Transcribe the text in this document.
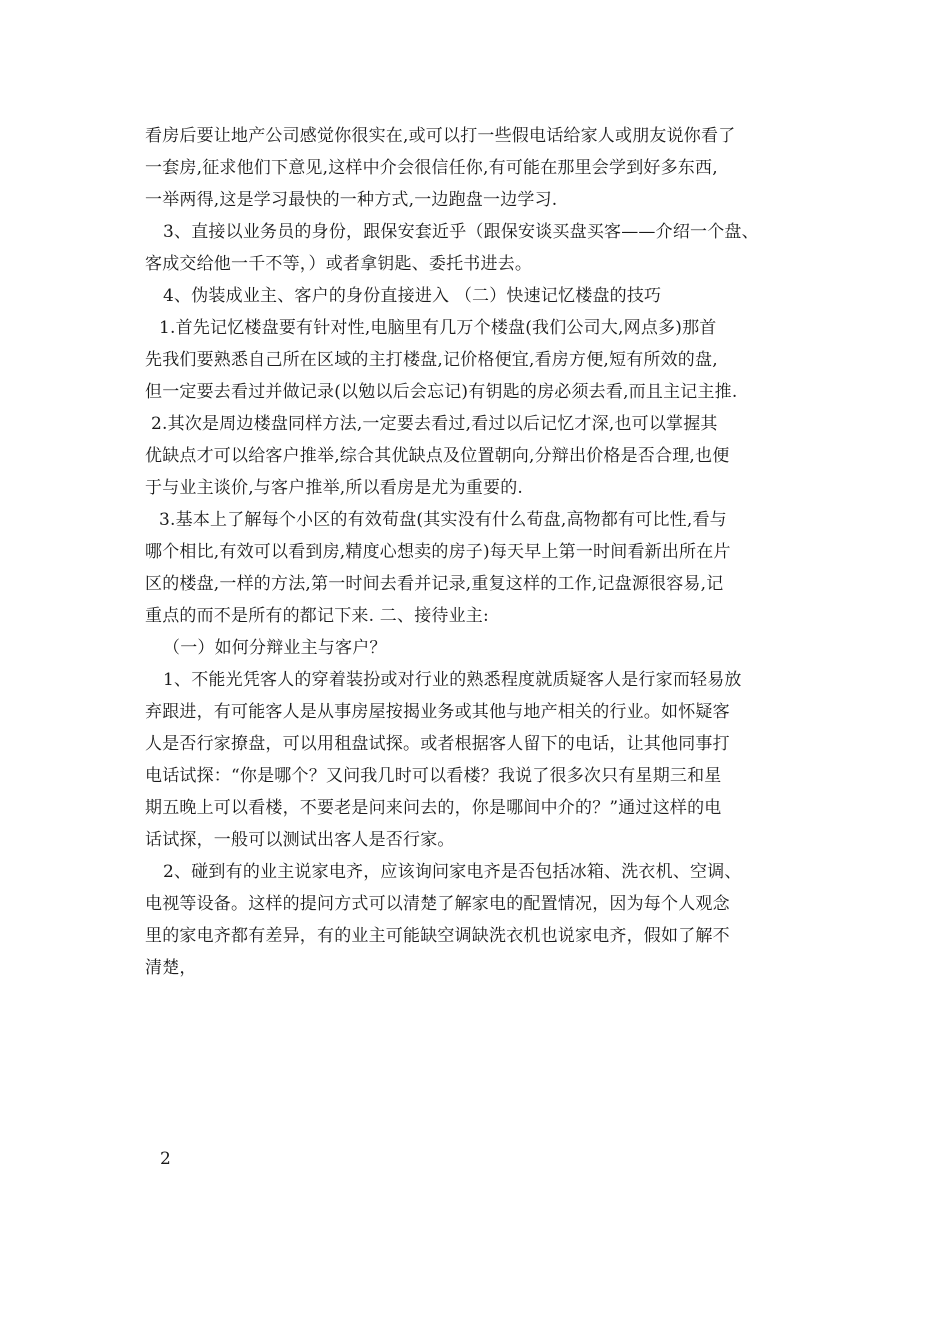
看房后要让地产公司感觉你很实在,或可以打一些假电话给家人或朋友说你看了
一套房,征求他们下意见,这样中介会很信任你,有可能在那里会学到好多东西,
一举两得,这是学习最快的一种方式,一边跑盘一边学习.
3、直接以业务员的身份，跟保安套近乎（跟保安谈买盘买客——介绍一个盘、
客成交给他一千不等，）或者拿钥匙、委托书进去。
4、伪装成业主、客户的身份直接进入 （二）快速记忆楼盘的技巧
1.首先记忆楼盘要有针对性,电脑里有几万个楼盘(我们公司大,网点多)那首
先我们要熟悉自己所在区域的主打楼盘,记价格便宜,看房方便,短有所效的盘,
但一定要去看过并做记录(以勉以后会忘记)有钥匙的房必须去看,而且主记主推.
2.其次是周边楼盘同样方法,一定要去看过,看过以后记忆才深,也可以掌握其
优缺点才可以给客户推举,综合其优缺点及位置朝向,分辩出价格是否合理,也便
于与业主谈价,与客户推举,所以看房是尤为重要的.
3.基本上了解每个小区的有效荀盘(其实没有什么荀盘,高物都有可比性,看与
哪个相比,有效可以看到房,精度心想卖的房子)每天早上第一时间看新出所在片
区的楼盘,一样的方法,第一时间去看并记录,重复这样的工作,记盘源很容易,记
重点的而不是所有的都记下来. 二、接待业主:
（一）如何分辩业主与客户？
1、不能光凭客人的穿着装扮或对行业的熟悉程度就质疑客人是行家而轻易放
弃跟进，有可能客人是从事房屋按揭业务或其他与地产相关的行业。如怀疑客
人是否行家撩盘，可以用租盘试探。或者根据客人留下的电话，让其他同事打
电话试探：“你是哪个？又问我几时可以看楼？我说了很多次只有星期三和星
期五晚上可以看楼，不要老是问来问去的，你是哪间中介的？”通过这样的电
话试探，一般可以测试出客人是否行家。
2、碰到有的业主说家电齐，应该询问家电齐是否包括冰箱、洗衣机、空调、
电视等设备。这样的提问方式可以清楚了解家电的配置情况，因为每个人观念
里的家电齐都有差异，有的业主可能缺空调缺洗衣机也说家电齐，假如了解不
清楚，
2
